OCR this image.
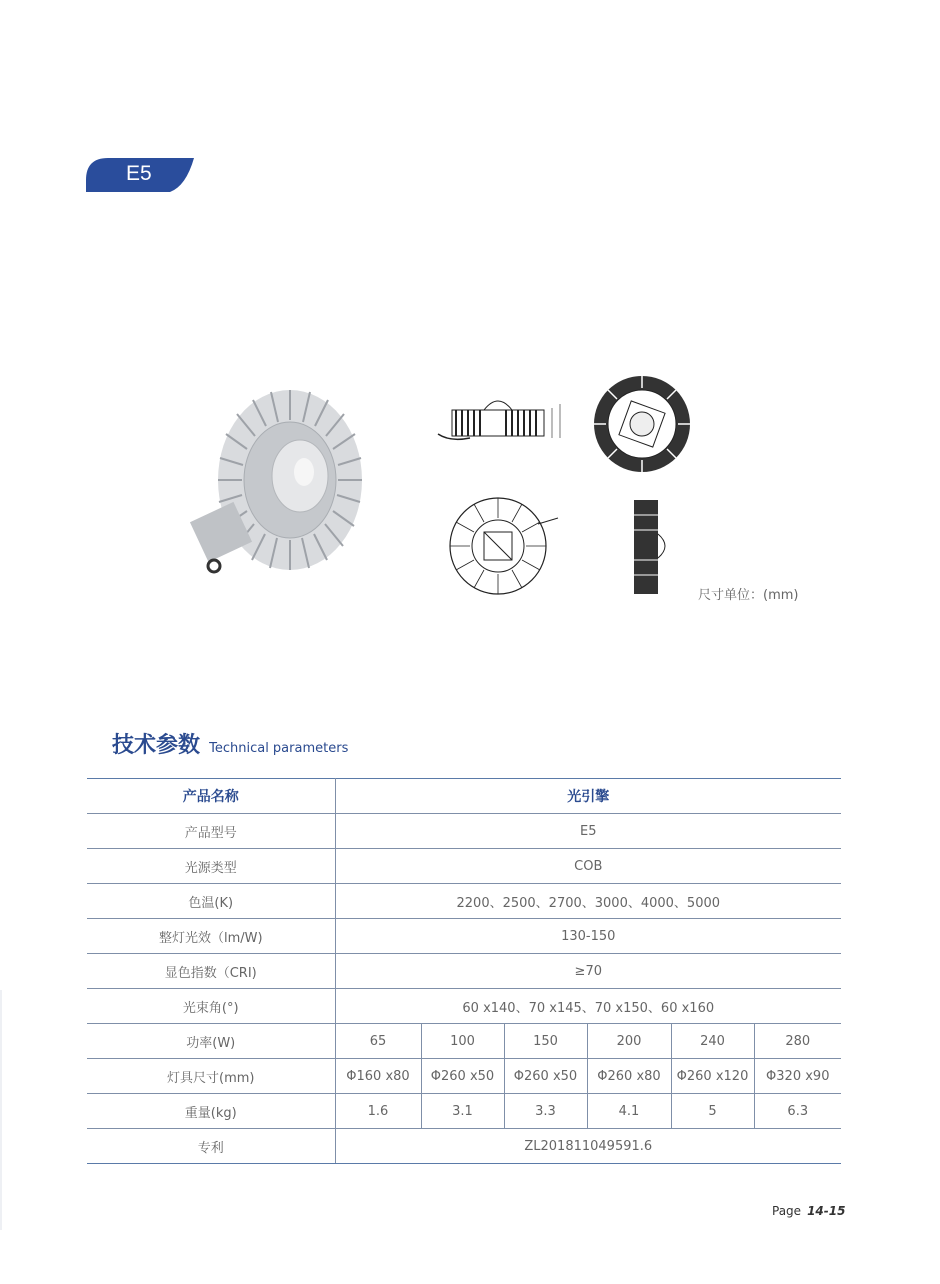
E5
尺寸单位：(mm)
技术参数 Technical parameters
产品名称	光引擎					
产品型号	E5					
光源类型	COB					
色温(K)	2200、2500、2700、3000、4000、5000					
整灯光效（lm/W)	130-150					
显色指数（CRI)	≥70					
光束角(°)	60 x140、70 x145、70 x150、60 x160					
功率(W)	65	100	150	200	240	280
灯具尺寸(mm)	Φ160 x80	Φ260 x50	Φ260 x50	Φ260 x80	Φ260 x120	Φ320 x90
重量(kg)	1.6	3.1	3.3	4.1	5	6.3
专利	ZL201811049591.6					
Page 14-15
